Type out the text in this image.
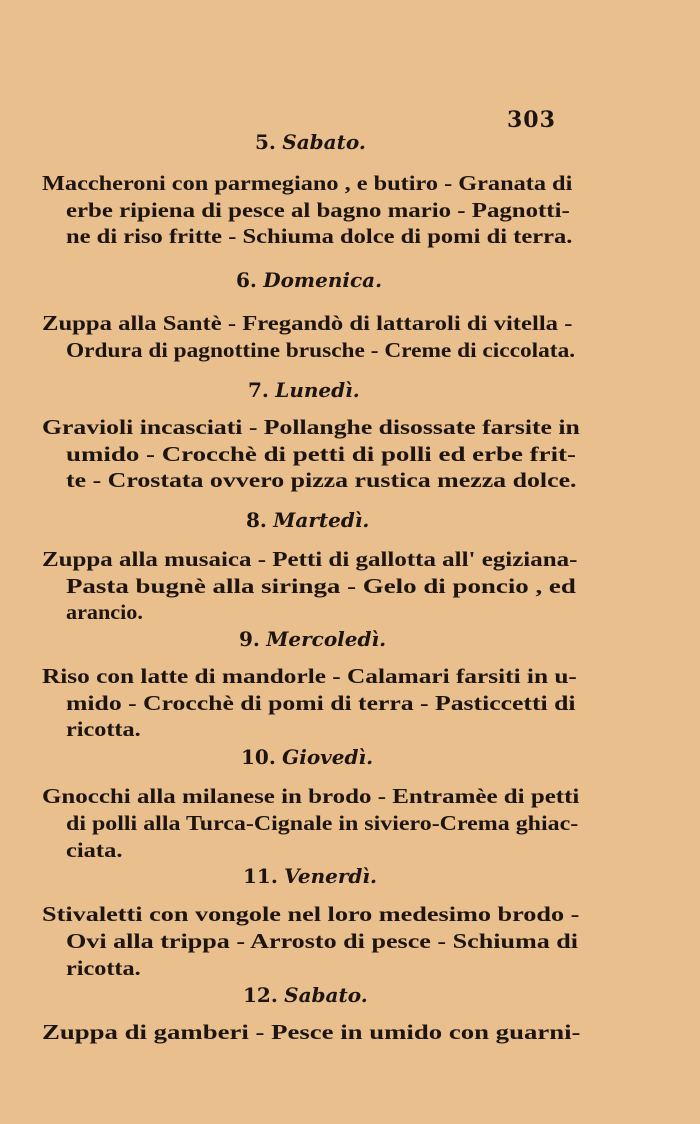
303
5. Sabato.
Maccheroni con parmegiano , e butiro - Granata di
erbe ripiena di pesce al bagno mario - Pagnotti-
ne di riso fritte - Schiuma dolce di pomi di terra.
6. Domenica.
Zuppa alla Santè - Fregandò di lattaroli di vitella -
Ordura di pagnottine brusche - Creme di ciccolata.
7. Lunedì.
Gravioli incasciati - Pollanghe disossate farsite in
umido - Crocchè di petti di polli ed erbe frit-
te - Crostata ovvero pizza rustica mezza dolce.
8. Martedì.
Zuppa alla musaica - Petti di gallotta all' egiziana-
Pasta bugnè alla siringa - Gelo di poncio , ed
arancio.
9. Mercoledì.
Riso con latte di mandorle - Calamari farsiti in u-
mido - Crocchè di pomi di terra - Pasticcetti di
ricotta.
10. Giovedì.
Gnocchi alla milanese in brodo - Entramèe di petti
di polli alla Turca-Cignale in siviero-Crema ghiac-
ciata.
11. Venerdì.
Stivaletti con vongole nel loro medesimo brodo -
Ovi alla trippa - Arrosto di pesce - Schiuma di
ricotta.
12. Sabato.
Zuppa di gamberi - Pesce in umido con guarni-
